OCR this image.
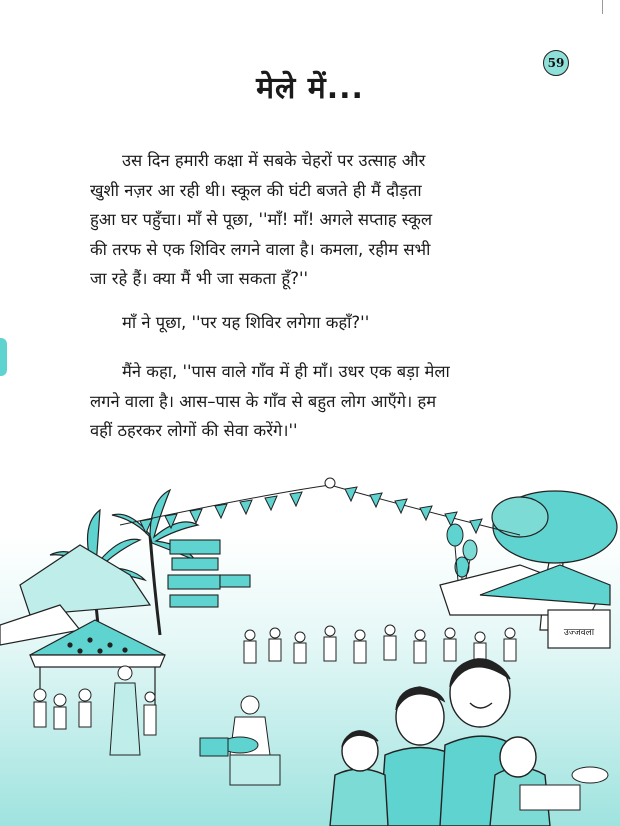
59
मेले में...

उस दिन हमारी कक्षा में सबके चेहरों पर उत्साह और
खुशी नज़र आ रही थी। स्कूल की घंटी बजते ही मैं दौड़ता
हुआ घर पहुँचा। माँ से पूछा, ''माँ! माँ! अगले सप्ताह स्कूल
की तरफ से एक शिविर लगने वाला है। कमला, रहीम सभी
जा रहे हैं। क्या मैं भी जा सकता हूँ?''

माँ ने पूछा, ''पर यह शिविर लगेगा कहाँ?''

मैंने कहा, ''पास वाले गाँव में ही माँ। उधर एक बड़ा मेला
लगने वाला है। आस–पास के गाँव से बहुत लोग आएँगे। हम
वहीं ठहरकर लोगों की सेवा करेंगे।''

उज्जवला
